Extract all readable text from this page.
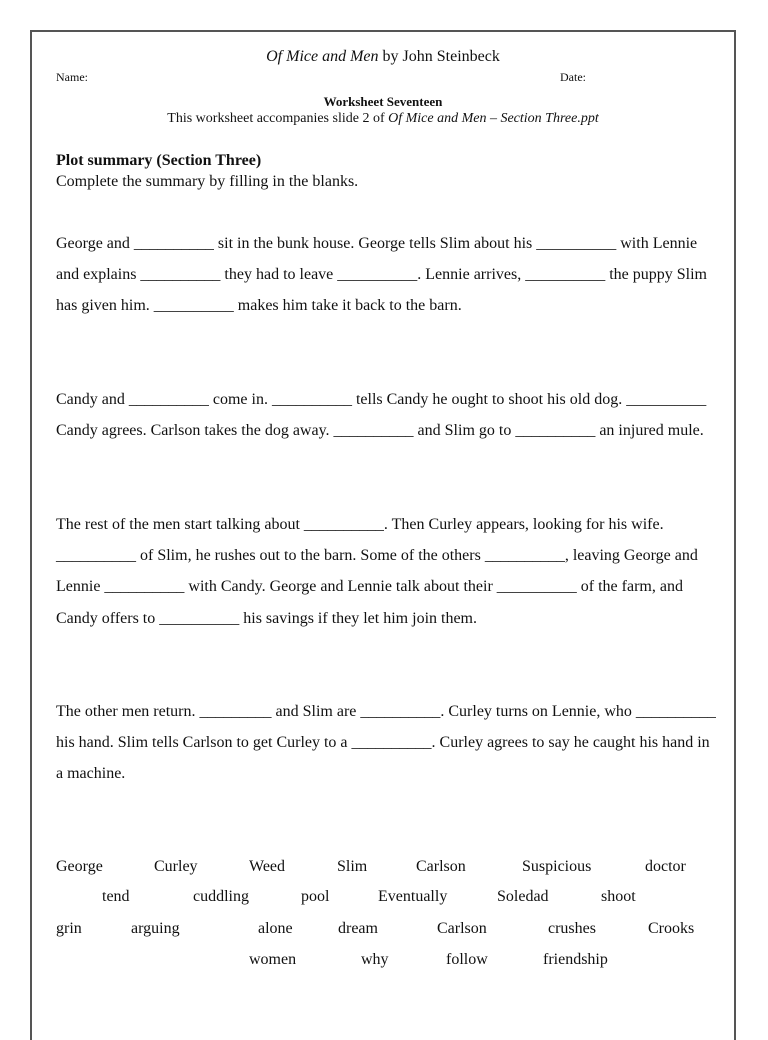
Of Mice and Men by John Steinbeck
Name:	Date:
Worksheet Seventeen
This worksheet accompanies slide 2 of Of Mice and Men – Section Three.ppt
Plot summary (Section Three)
Complete the summary by filling in the blanks.
George and __________ sit in the bunk house. George tells Slim about his __________ with Lennie and explains __________ they had to leave __________. Lennie arrives, __________ the puppy Slim has given him. __________ makes him take it back to the barn.
Candy and __________ come in. __________ tells Candy he ought to shoot his old dog. __________ Candy agrees. Carlson takes the dog away. __________ and Slim go to __________ an injured mule.
The rest of the men start talking about __________. Then Curley appears, looking for his wife. __________ of Slim, he rushes out to the barn. Some of the others __________, leaving George and Lennie __________ with Candy. George and Lennie talk about their __________ of the farm, and Candy offers to __________ his savings if they let him join them.
The other men return. _________ and Slim are __________. Curley turns on Lennie, who __________ his hand. Slim tells Carlson to get Curley to a __________. Curley agrees to say he caught his hand in a machine.
George	Curley	Weed	Slim	Carlson	Suspicious	doctor
tend	cuddling	pool	Eventually	Soledad	shoot
grin	arguing	alone	dream	Carlson	crushes	Crooks
women	why	follow	friendship
